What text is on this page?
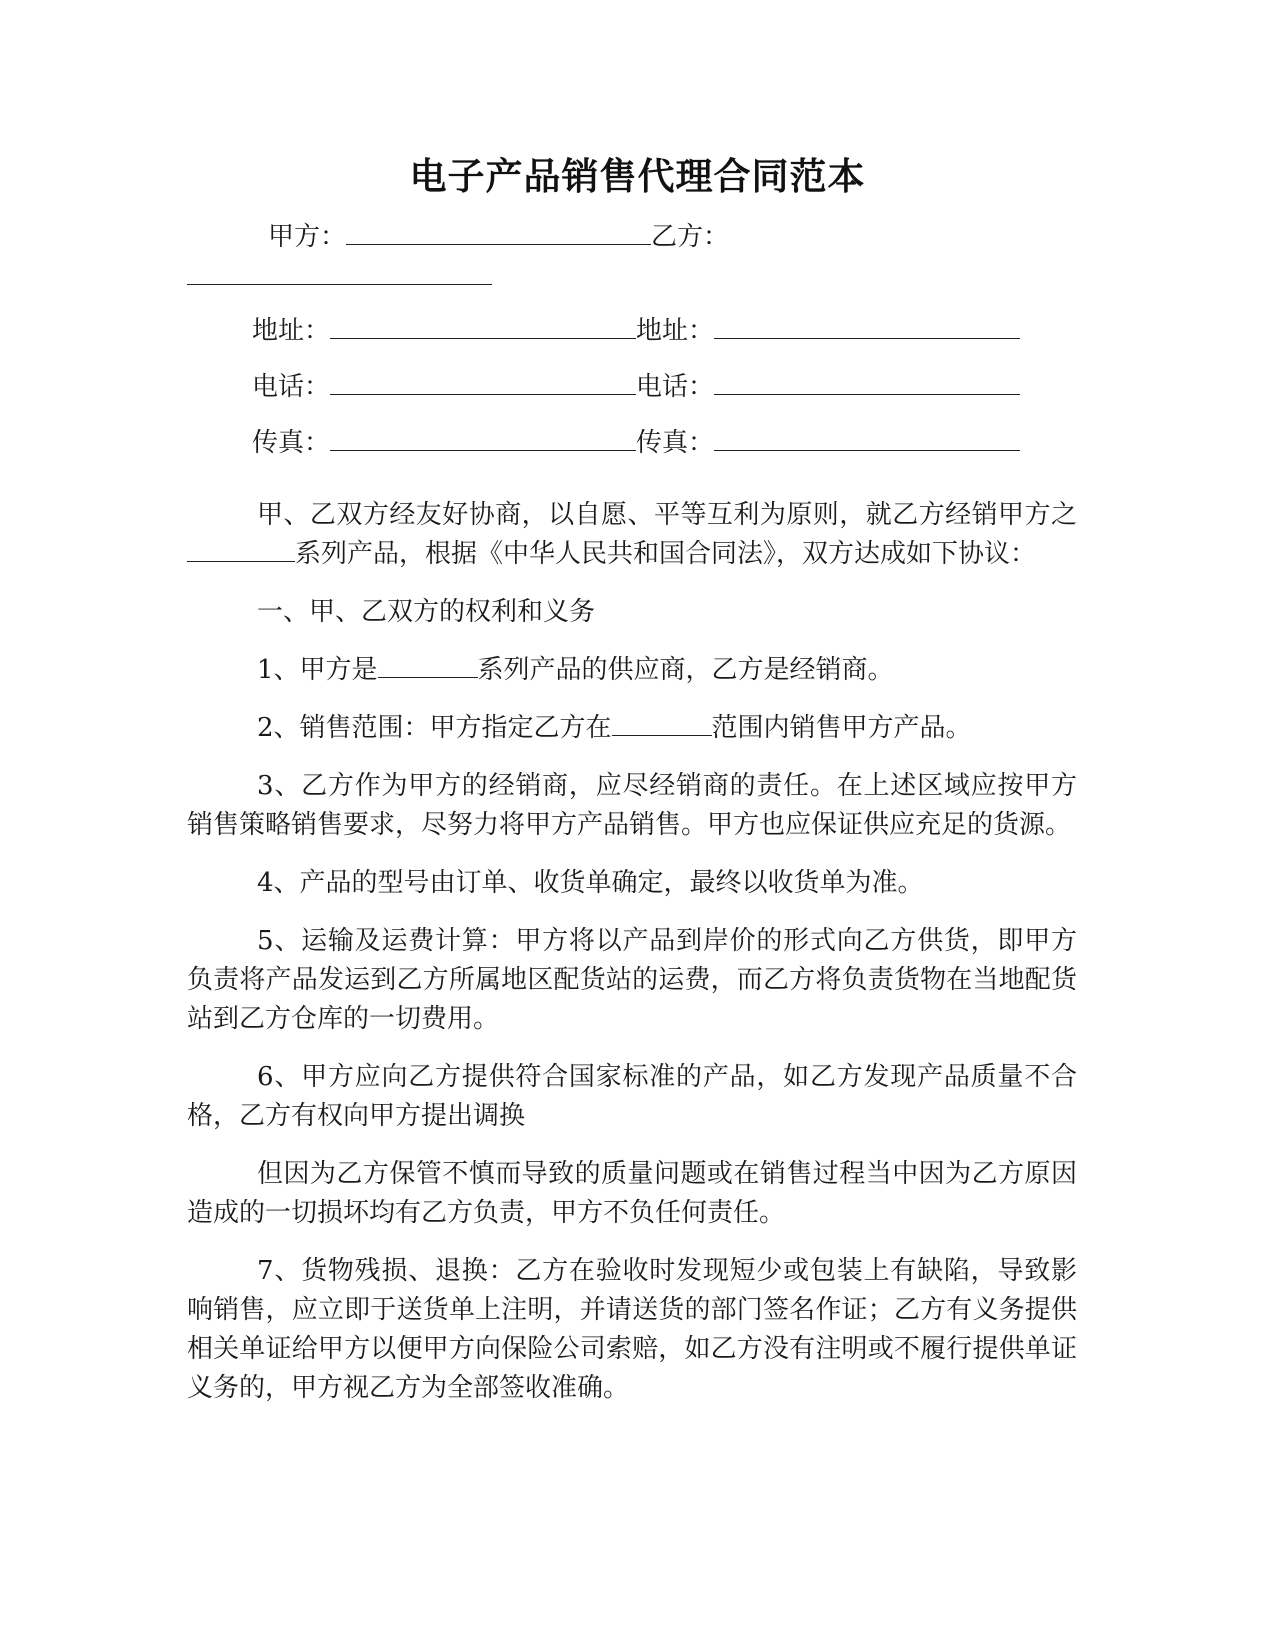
电子产品销售代理合同范本
甲方：	乙方：
地址：	地址：
电话：	电话：
传真：	传真：

甲、乙双方经友好协商，以自愿、平等互利为原则，就乙方经销甲方之系列产品，根据《中华人民共和国合同法》，双方达成如下协议：

一、甲、乙双方的权利和义务

1、甲方是	系列产品的供应商，乙方是经销商。

2、销售范围：甲方指定乙方在	范围内销售甲方产品。

3、乙方作为甲方的经销商，应尽经销商的责任。在上述区域应按甲方销售策略销售要求，尽努力将甲方产品销售。甲方也应保证供应充足的货源。

4、产品的型号由订单、收货单确定，最终以收货单为准。

5、运输及运费计算：甲方将以产品到岸价的形式向乙方供货，即甲方负责将产品发运到乙方所属地区配货站的运费，而乙方将负责货物在当地配货站到乙方仓库的一切费用。

6、甲方应向乙方提供符合国家标准的产品，如乙方发现产品质量不合格，乙方有权向甲方提出调换

但因为乙方保管不慎而导致的质量问题或在销售过程当中因为乙方原因造成的一切损坏均有乙方负责，甲方不负任何责任。

7、货物残损、退换：乙方在验收时发现短少或包装上有缺陷，导致影响销售，应立即于送货单上注明，并请送货的部门签名作证；乙方有义务提供相关单证给甲方以便甲方向保险公司索赔，如乙方没有注明或不履行提供单证义务的，甲方视乙方为全部签收准确。
